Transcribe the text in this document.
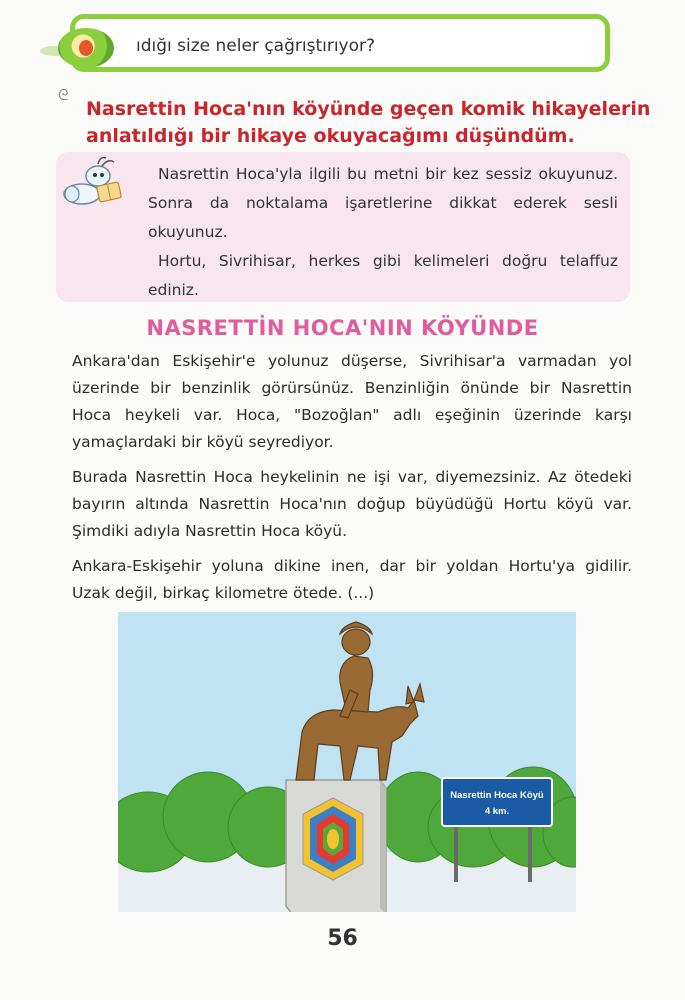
ıdığı size neler çağrıştırıyor?
ᘓ
Nasrettin Hoca'nın köyünde geçen komik hikayelerin
anlatıldığı bir hikaye okuyacağımı düşündüm.

Nasrettin Hoca'yla ilgili bu metni bir kez sessiz okuyunuz. Sonra da noktalama işaretlerine dikkat ederek sesli okuyunuz.

Hortu, Sivrihisar, herkes gibi kelimeleri doğru telaffuz ediniz.

NASRETTİN HOCA'NIN KÖYÜNDE

Ankara'dan Eskişehir'e yolunuz düşerse, Sivrihisar'a varmadan yol üzerinde bir benzinlik görürsünüz. Benzinliğin önünde bir Nasrettin Hoca heykeli var. Hoca, "Bozoğlan" adlı eşeğinin üzerinde karşı yamaçlardaki bir köyü seyrediyor.

Burada Nasrettin Hoca heykelinin ne işi var, diyemezsiniz. Az ötedeki bayırın altında Nasrettin Hoca'nın doğup büyüdüğü Hortu köyü var. Şimdiki adıyla Nasrettin Hoca köyü.

Ankara-Eskişehir yoluna dikine inen, dar bir yoldan Hortu'ya gidilir. Uzak değil, birkaç kilometre ötede. (...)

Nasrettin Hoca Köyü
4 km.
56
